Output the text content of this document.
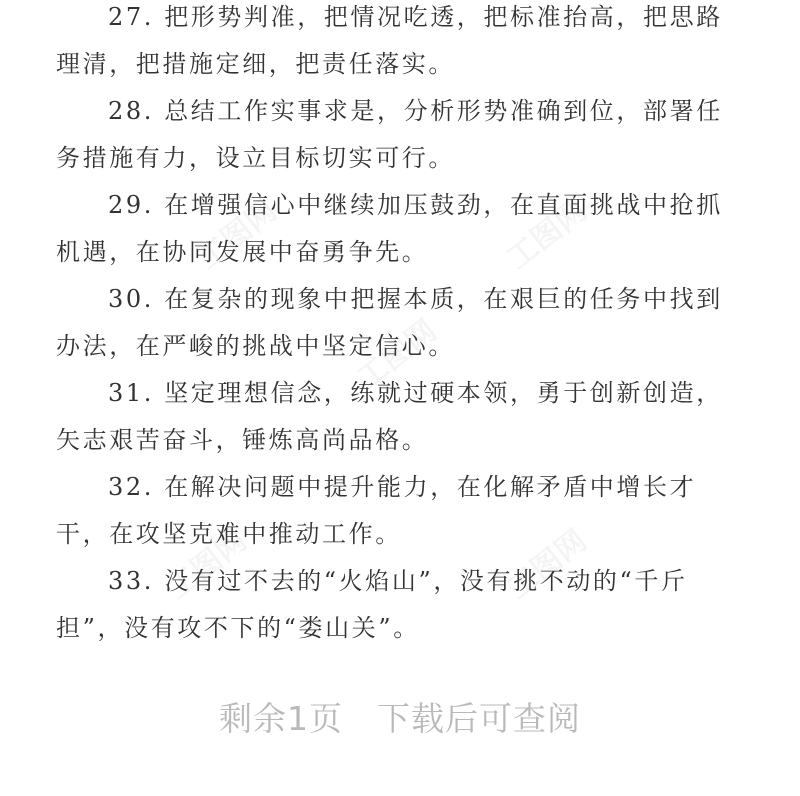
27. 把形势判准，把情况吃透，把标准抬高，把思路理清，把措施定细，把责任落实。

28. 总结工作实事求是，分析形势准确到位，部署任务措施有力，设立目标切实可行。

29. 在增强信心中继续加压鼓劲，在直面挑战中抢抓机遇，在协同发展中奋勇争先。

30. 在复杂的现象中把握本质，在艰巨的任务中找到办法，在严峻的挑战中坚定信心。

31. 坚定理想信念，练就过硬本领，勇于创新创造，矢志艰苦奋斗，锤炼高尚品格。

32. 在解决问题中提升能力，在化解矛盾中增长才干，在攻坚克难中推动工作。

33. 没有过不去的“火焰山”，没有挑不动的“千斤担”，没有攻不下的“娄山关”。

剩余1页 下载后可查阅
